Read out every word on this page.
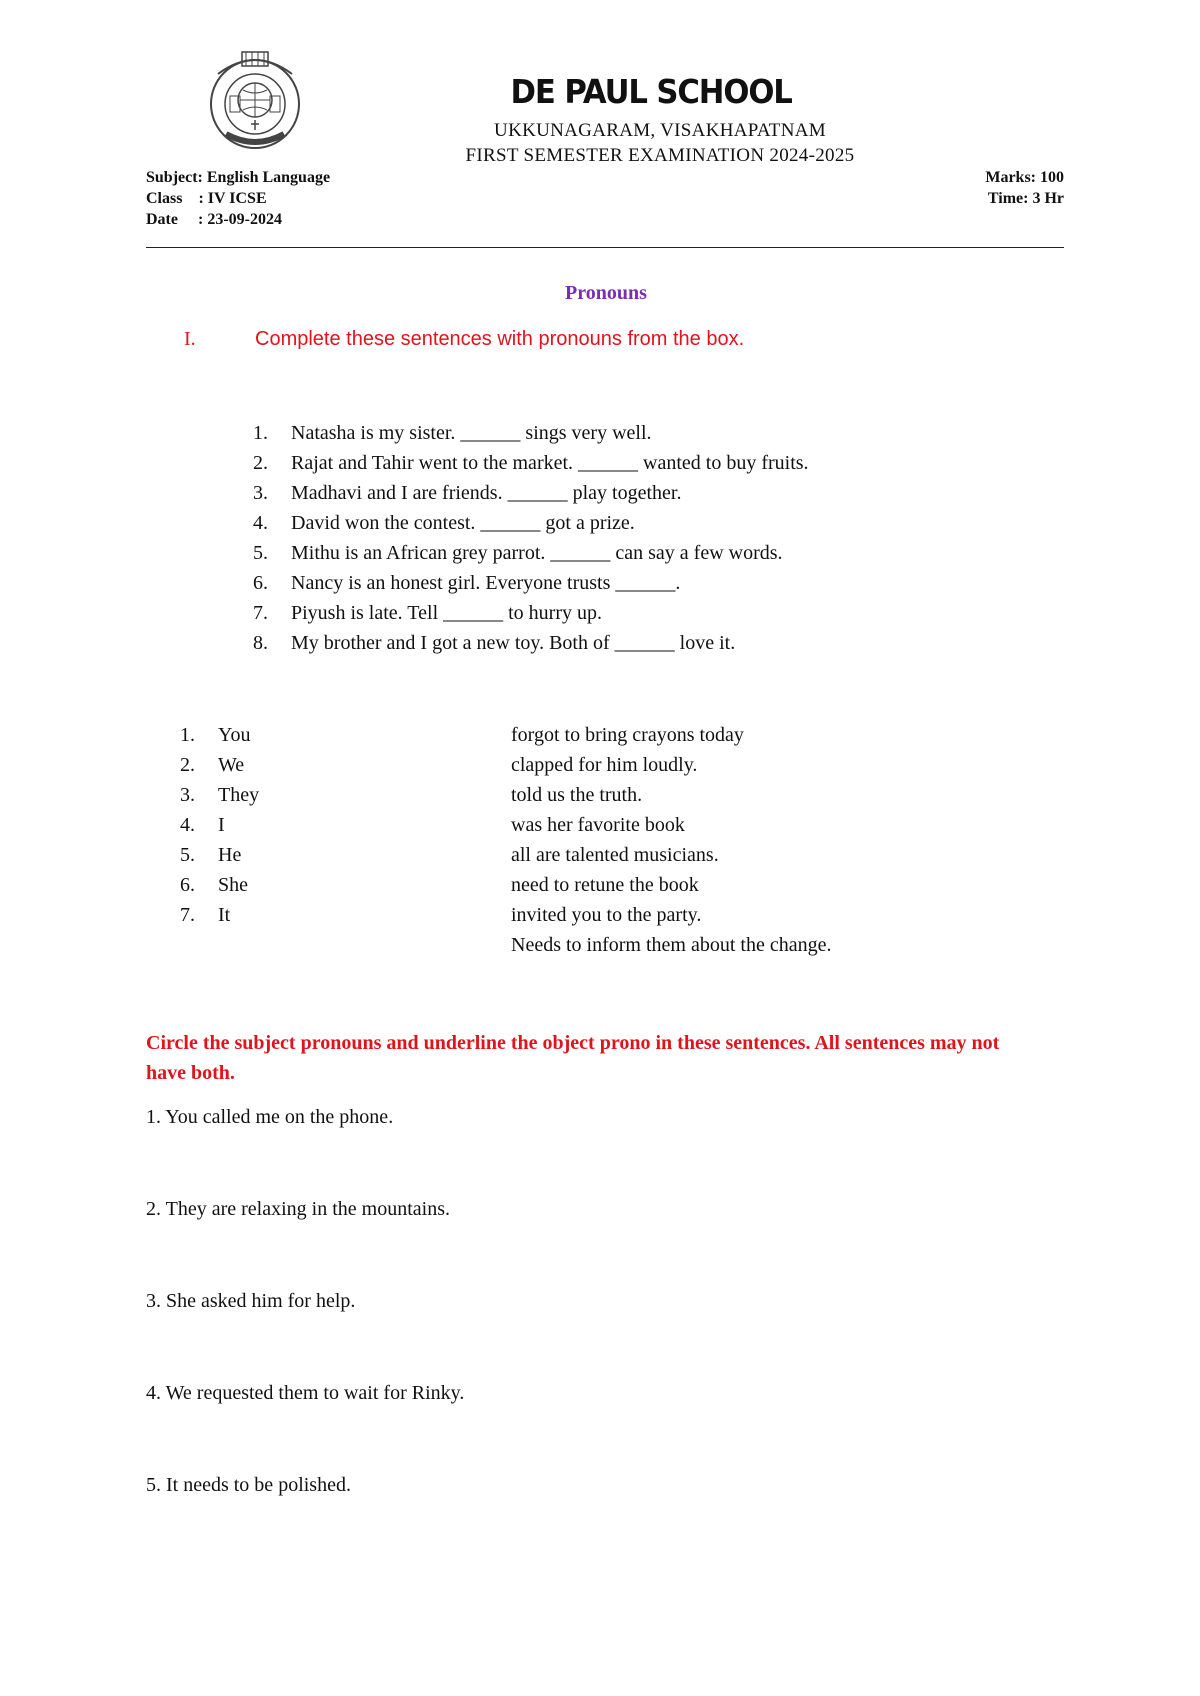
DE PAUL SCHOOL
UKKUNAGARAM, VISAKHAPATNAM
FIRST SEMESTER EXAMINATION 2024-2025
Subject: English Language
Class    : IV ICSE
Date     : 23-09-2024
Marks: 100
Time: 3 Hr
Pronouns
I.	Complete these sentences with pronouns from the box.
1. Natasha is my sister. ______ sings very well.
2. Rajat and Tahir went to the market. ______ wanted to buy fruits.
3. Madhavi and I are friends. ______ play together.
4. David won the contest. ______ got a prize.
5. Mithu is an African grey parrot. ______ can say a few words.
6. Nancy is an honest girl. Everyone trusts ______.
7. Piyush is late. Tell ______ to hurry up.
8. My brother and I got a new toy. Both of ______ love it.
1. You
2. We
3. They
4. I
5. He
6. She
7. It
forgot to bring crayons today
clapped for him loudly.
told us the truth.
was her favorite book
all are talented musicians.
need to retune the book
invited you to the party.
Needs to inform them about the change.
Circle the subject pronouns and underline the object prono in these sentences. All sentences may not have both.
1. You called me on the phone.
2. They are relaxing in the mountains.
3. She asked him for help.
4. We requested them to wait for Rinky.
5. It needs to be polished.
